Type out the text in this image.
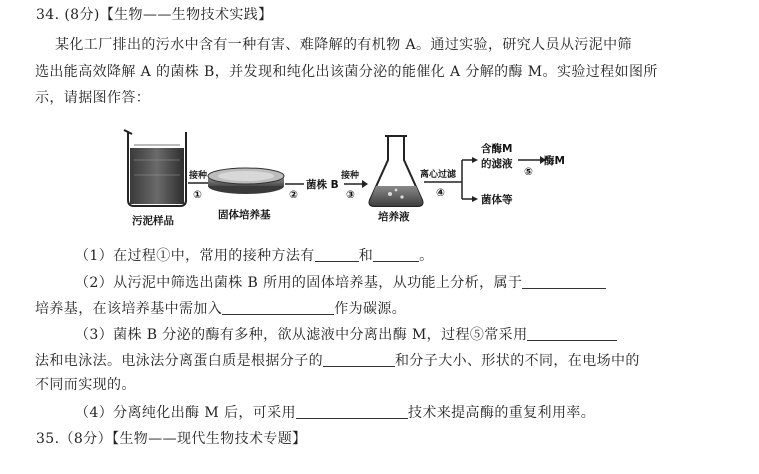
34. (8分)【生物——生物技术实践】
某化工厂排出的污水中含有一种有害、难降解的有机物 A。通过实验，研究人员从污泥中筛
选出能高效降解 A 的菌株 B，并发现和纯化出该菌分泌的能催化 A 分解的酶 M。实验过程如图所
示，请据图作答：
污泥样品
接种
①
固体培养基
②
菌株 B
接种
③
培养液
离心过滤
④
含酶M
的滤液
菌体等
⑤
酶M
（1）在过程①中，常用的接种方法有	和	。
（2）从污泥中筛选出菌株 B 所用的固体培养基，从功能上分析，属于
培养基，在该培养基中需加入	作为碳源。
（3）菌株 B 分泌的酶有多种，欲从滤液中分离出酶 M，过程⑤常采用
法和电泳法。电泳法分离蛋白质是根据分子的	和分子大小、形状的不同，在电场中的
不同而实现的。
（4）分离纯化出酶 M 后，可采用	技术来提高酶的重复利用率。
35.（8分）【生物——现代生物技术专题】
